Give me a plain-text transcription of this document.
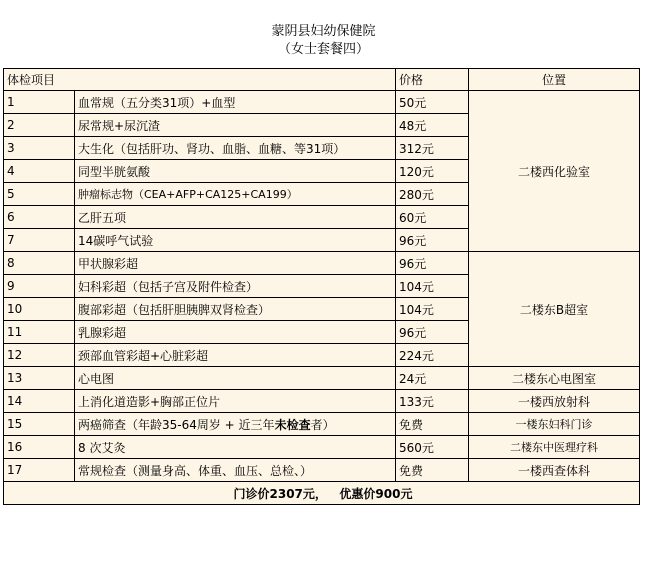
蒙阴县妇幼保健院
（女士套餐四）
体检项目		价格	位置
1	血常规（五分类31项）+血型	50元	二楼西化验室
2	尿常规+尿沉渣	48元	
3	大生化（包括肝功、肾功、血脂、血糖、等31项）	312元	
4	同型半胱氨酸	120元	
5	肿瘤标志物（CEA+AFP+CA125+CA199）	280元	
6	乙肝五项	60元	
7	14碳呼气试验	96元	
8	甲状腺彩超	96元	二楼东B超室
9	妇科彩超（包括子宫及附件检查）	104元	
10	腹部彩超（包括肝胆胰脾双肾检查）	104元	
11	乳腺彩超	96元	
12	颈部血管彩超+心脏彩超	224元	
13	心电图	24元	二楼东心电图室
14	上消化道造影+胸部正位片	133元	一楼西放射科
15	两癌筛查（年龄35-64周岁 + 近三年未检查者）	免费	一楼东妇科门诊
16	8 次艾灸	560元	二楼东中医理疗科
17	常规检查（测量身高、体重、血压、总检、）	免费	一楼西查体科
门诊价2307元，   优惠价900元			
